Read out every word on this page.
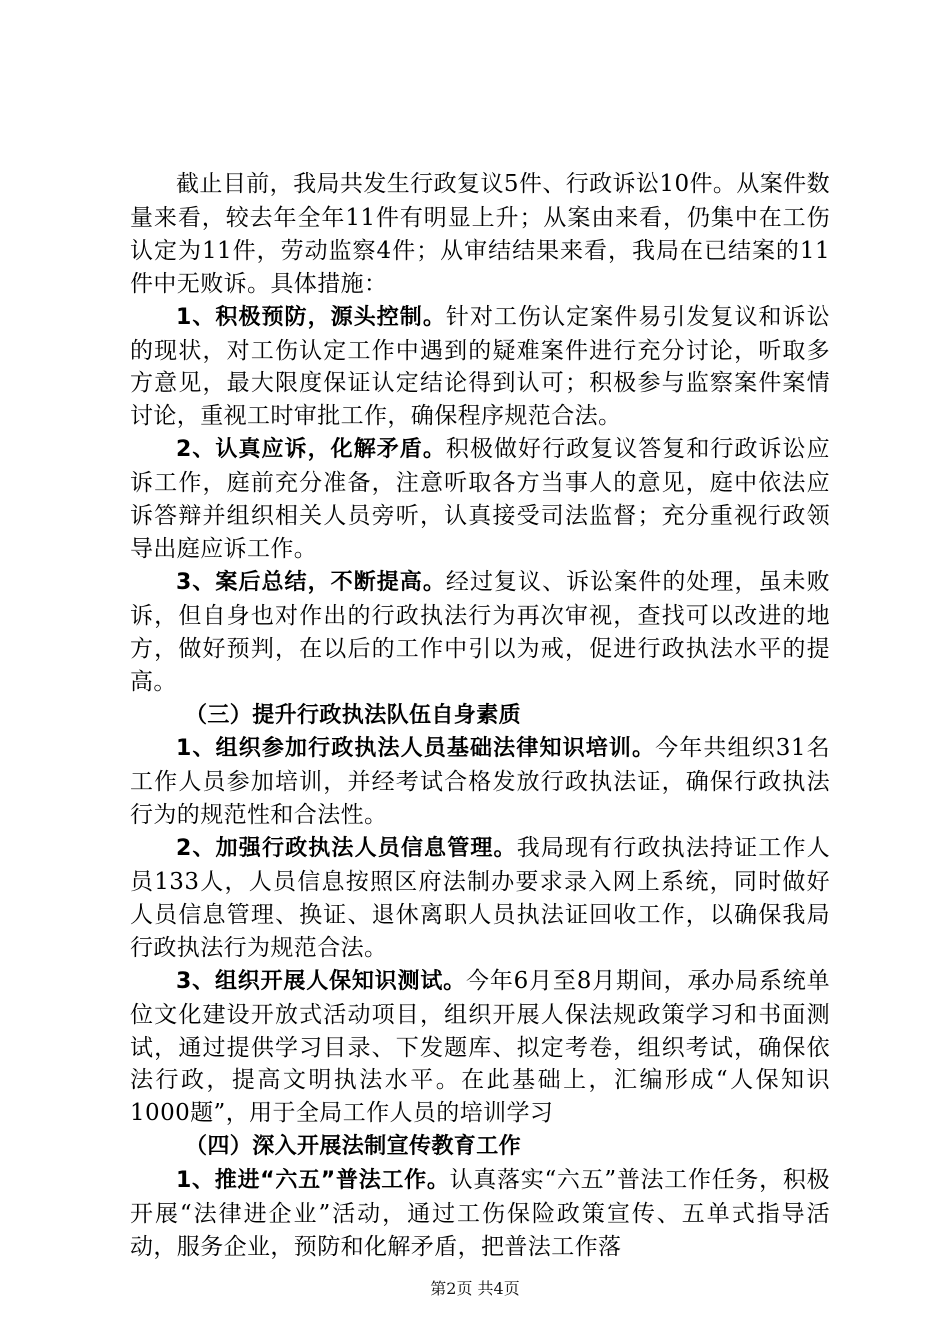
截止目前，我局共发生行政复议5件、行政诉讼10件。从案件数量来看，较去年全年11件有明显上升；从案由来看，仍集中在工伤认定为11件，劳动监察4件；从审结结果来看，我局在已结案的11件中无败诉。具体措施：

1、积极预防，源头控制。针对工伤认定案件易引发复议和诉讼的现状，对工伤认定工作中遇到的疑难案件进行充分讨论，听取多方意见，最大限度保证认定结论得到认可；积极参与监察案件案情讨论，重视工时审批工作，确保程序规范合法。

2、认真应诉，化解矛盾。积极做好行政复议答复和行政诉讼应诉工作，庭前充分准备，注意听取各方当事人的意见，庭中依法应诉答辩并组织相关人员旁听，认真接受司法监督；充分重视行政领导出庭应诉工作。

3、案后总结，不断提高。经过复议、诉讼案件的处理，虽未败诉，但自身也对作出的行政执法行为再次审视，查找可以改进的地方，做好预判，在以后的工作中引以为戒，促进行政执法水平的提高。

（三）提升行政执法队伍自身素质

1、组织参加行政执法人员基础法律知识培训。今年共组织31名工作人员参加培训，并经考试合格发放行政执法证，确保行政执法行为的规范性和合法性。

2、加强行政执法人员信息管理。我局现有行政执法持证工作人员133人，人员信息按照区府法制办要求录入网上系统，同时做好人员信息管理、换证、退休离职人员执法证回收工作，以确保我局行政执法行为规范合法。

3、组织开展人保知识测试。今年6月至8月期间，承办局系统单位文化建设开放式活动项目，组织开展人保法规政策学习和书面测试，通过提供学习目录、下发题库、拟定考卷，组织考试，确保依法行政，提高文明执法水平。在此基础上，汇编形成“人保知识1000题”，用于全局工作人员的培训学习

（四）深入开展法制宣传教育工作

1、推进“六五”普法工作。认真落实“六五”普法工作任务，积极开展“法律进企业”活动，通过工伤保险政策宣传、五单式指导活动，服务企业，预防和化解矛盾，把普法工作落

第2页 共4页
